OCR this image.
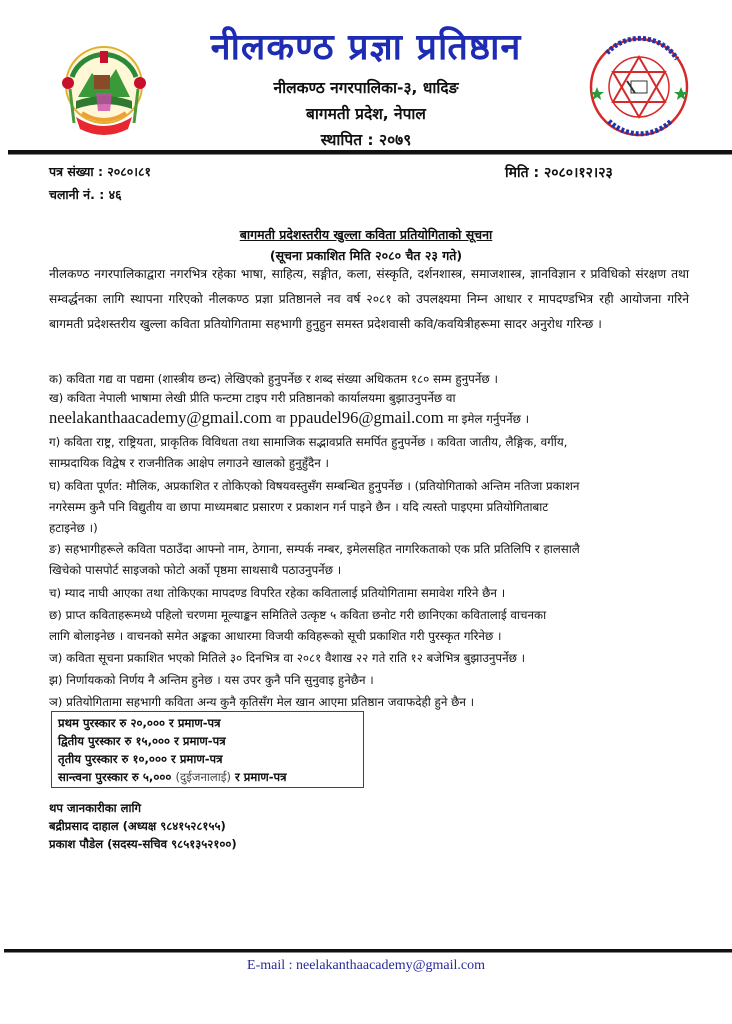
नीलकण्ठ प्रज्ञा प्रतिष्ठान
नीलकण्ठ नगरपालिका-३, धादिङ
बागमती प्रदेश, नेपाल
स्थापित : २०७९
पत्र संख्या : २०८०।८१
चलानी नं. : ४६
मिति : २०८०।१२।२३
बागमती प्रदेशस्तरीय खुल्ला कविता प्रतियोगिताको सूचना
(सूचना प्रकाशित मिति २०८० चैत २३ गते)
नीलकण्ठ नगरपालिकाद्वारा नगरभित्र रहेका भाषा, साहित्य, सङ्गीत, कला, संस्कृति, दर्शनशास्त्र, समाजशास्त्र, ज्ञानविज्ञान र प्रविधिको संरक्षण तथा सम्वर्द्धनका लागि स्थापना गरिएको नीलकण्ठ प्रज्ञा प्रतिष्ठानले नव वर्ष २०८१ को उपलक्ष्यमा निम्न आधार र मापदण्डभित्र रही आयोजना गरिने बागमती प्रदेशस्तरीय खुल्ला कविता प्रतियोगितामा सहभागी हुनुहुन समस्त प्रदेशवासी कवि/कवयित्रीहरूमा सादर अनुरोध गरिन्छ ।
क) कविता गद्य वा पद्यमा (शास्त्रीय छन्द) लेखिएको हुनुपर्नेछ र शब्द संख्या अधिकतम १८० सम्म हुनुपर्नेछ ।
ख) कविता नेपाली भाषामा लेखी प्रीति फन्टमा टाइप गरी प्रतिष्ठानको कार्यालयमा बुझाउनुपर्नेछ वा
neelakanthaacademy@gmail.com वा ppaudel96@gmail.com मा इमेल गर्नुपर्नेछ ।
ग) कविता राष्ट्र, राष्ट्रियता, प्राकृतिक विविधता तथा सामाजिक सद्भावप्रति समर्पित हुनुपर्नेछ । कविता जातीय, लैङ्गिक, वर्गीय,
साम्प्रदायिक विद्वेष र राजनीतिक आक्षेप लगाउने खालको हुनुहुँदैन ।
घ) कविता पूर्णत: मौलिक, अप्रकाशित र तोकिएको विषयवस्तुसँग सम्बन्धित हुनुपर्नेछ । (प्रतियोगिताको अन्तिम नतिजा प्रकाशन
नगरेसम्म कुनै पनि विद्युतीय वा छापा माध्यमबाट प्रसारण र प्रकाशन गर्न पाइने छैन । यदि त्यस्तो पाइएमा प्रतियोगिताबाट
हटाइनेछ ।)
ङ) सहभागीहरूले कविता पठाउँदा आफ्नो नाम, ठेगाना, सम्पर्क नम्बर, इमेलसहित नागरिकताको एक प्रति प्रतिलिपि र हालसालै
खिचेको पासपोर्ट साइजको फोटो अर्को पृष्ठमा साथसाथै पठाउनुपर्नेछ ।
च) म्याद नाघी आएका तथा तोकिएका मापदण्ड विपरित रहेका कवितालाई प्रतियोगितामा समावेश गरिने छैन ।
छ) प्राप्त कविताहरूमध्ये पहिलो चरणमा मूल्याङ्कन समितिले उत्कृष्ट ५ कविता छनोट गरी छानिएका कवितालाई वाचनका
लागि बोलाइनेछ । वाचनको समेत अङ्कका आधारमा विजयी कविहरूको सूची प्रकाशित गरी पुरस्कृत गरिनेछ ।
ज) कविता सूचना प्रकाशित भएको मितिले ३० दिनभित्र वा २०८१ वैशाख २२ गते राति १२ बजेभित्र बुझाउनुपर्नेछ ।
झ) निर्णायकको निर्णय नै अन्तिम हुनेछ । यस उपर कुनै पनि सुनुवाइ हुनेछैन ।
ञ) प्रतियोगितामा सहभागी कविता अन्य कुनै कृतिसँग मेल खान आएमा प्रतिष्ठान जवाफदेही हुने छैन ।
प्रथम पुरस्कार रु २०,००० र प्रमाण-पत्र
द्वितीय पुरस्कार रु १५,००० र प्रमाण-पत्र
तृतीय पुरस्कार रु १०,००० र प्रमाण-पत्र
सान्त्वना पुरस्कार रु ५,००० (दुईजनालाई) र प्रमाण-पत्र
थप जानकारीका लागि
बद्रीप्रसाद दाहाल (अध्यक्ष ९८४१५२८१५५)
प्रकाश पौडेल (सदस्य-सचिव ९८५१३५२१००)
E-mail : neelakanthaacademy@gmail.com
